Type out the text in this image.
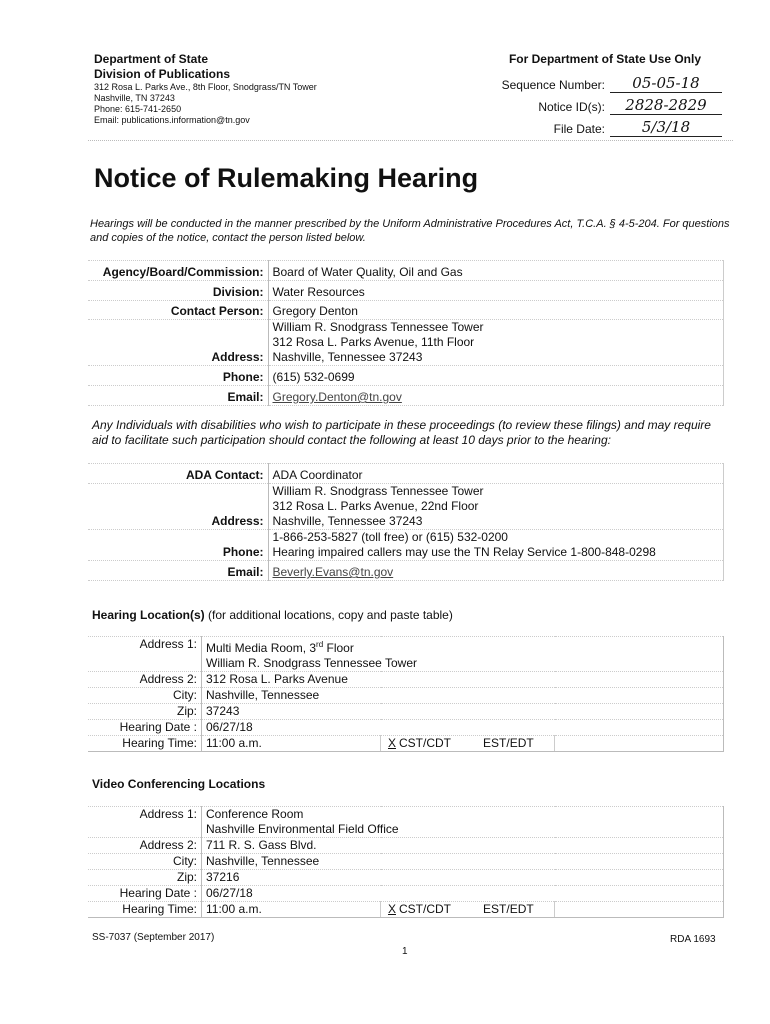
Department of State
Division of Publications
312 Rosa L. Parks Ave., 8th Floor, Snodgrass/TN Tower
Nashville, TN 37243
Phone: 615-741-2650
Email: publications.information@tn.gov
For Department of State Use Only
Sequence Number:	05-05-18
Notice ID(s):	2828-2829
File Date:	5/3/18
Notice of Rulemaking Hearing
Hearings will be conducted in the manner prescribed by the Uniform Administrative Procedures Act, T.C.A. § 4-5-204. For questions and copies of the notice, contact the person listed below.
Agency/Board/Commission:	Board of Water Quality, Oil and Gas
Division:	Water Resources
Contact Person:	Gregory Denton
Address:	William R. Snodgrass Tennessee Tower
312 Rosa L. Parks Avenue, 11th Floor
Nashville, Tennessee 37243

Phone:	(615) 532-0699
Email:	Gregory.Denton@tn.gov
Any Individuals with disabilities who wish to participate in these proceedings (to review these filings) and may require aid to facilitate such participation should contact the following at least 10 days prior to the hearing:
ADA Contact:	ADA Coordinator
Address:	William R. Snodgrass Tennessee Tower
312 Rosa L. Parks Avenue, 22nd Floor
Nashville, Tennessee 37243

Phone:	1-866-253-5827 (toll free) or (615) 532-0200
Hearing impaired callers may use the TN Relay Service 1-800-848-0298

Email:	Beverly.Evans@tn.gov
Hearing Location(s) (for additional locations, copy and paste table)
Address 1:	Multi Media Room, 3rd Floor
William R. Snodgrass Tennessee Tower		

Address 2:	312 Rosa L. Parks Avenue		
City:	Nashville, Tennessee		
Zip:	37243		
Hearing Date :	06/27/18		
Hearing Time:	11:00 a.m.	X CST/CDT EST/EDT	
Video Conferencing Locations
Address 1:	Conference Room
Nashville Environmental Field Office		

Address 2:	711 R. S. Gass Blvd.		
City:	Nashville, Tennessee		
Zip:	37216		
Hearing Date :	06/27/18		
Hearing Time:	11:00 a.m.	X CST/CDT EST/EDT	
SS-7037 (September 2017)
1
RDA 1693
